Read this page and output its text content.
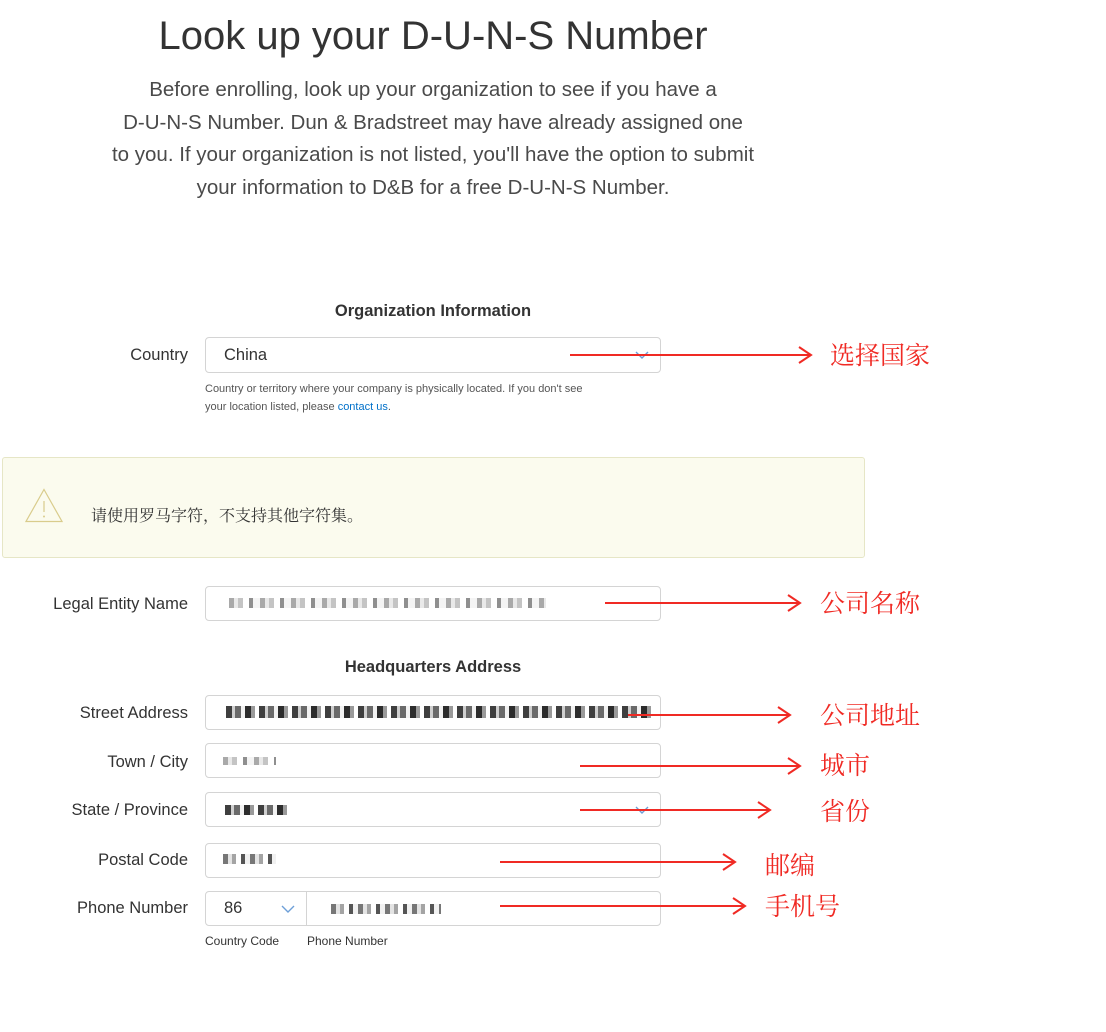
Look up your D-U-N-S Number
Before enrolling, look up your organization to see if you have a
D-U-N-S Number. Dun & Bradstreet may have already assigned one
to you. If your organization is not listed, you'll have the option to submit
your information to D&B for a free D-U-N-S Number.
Organization Information
Country China
Country or territory where your company is physically located. If you don't see
your location listed, please contact us.
请使用罗马字符，不支持其他字符集。
Legal Entity Name
Headquarters Address
Street Address
Town / City
State / Province
Postal Code
Phone Number 86
Country Code Phone Number
选择国家
公司名称
公司地址
城市
省份
邮编
手机号
